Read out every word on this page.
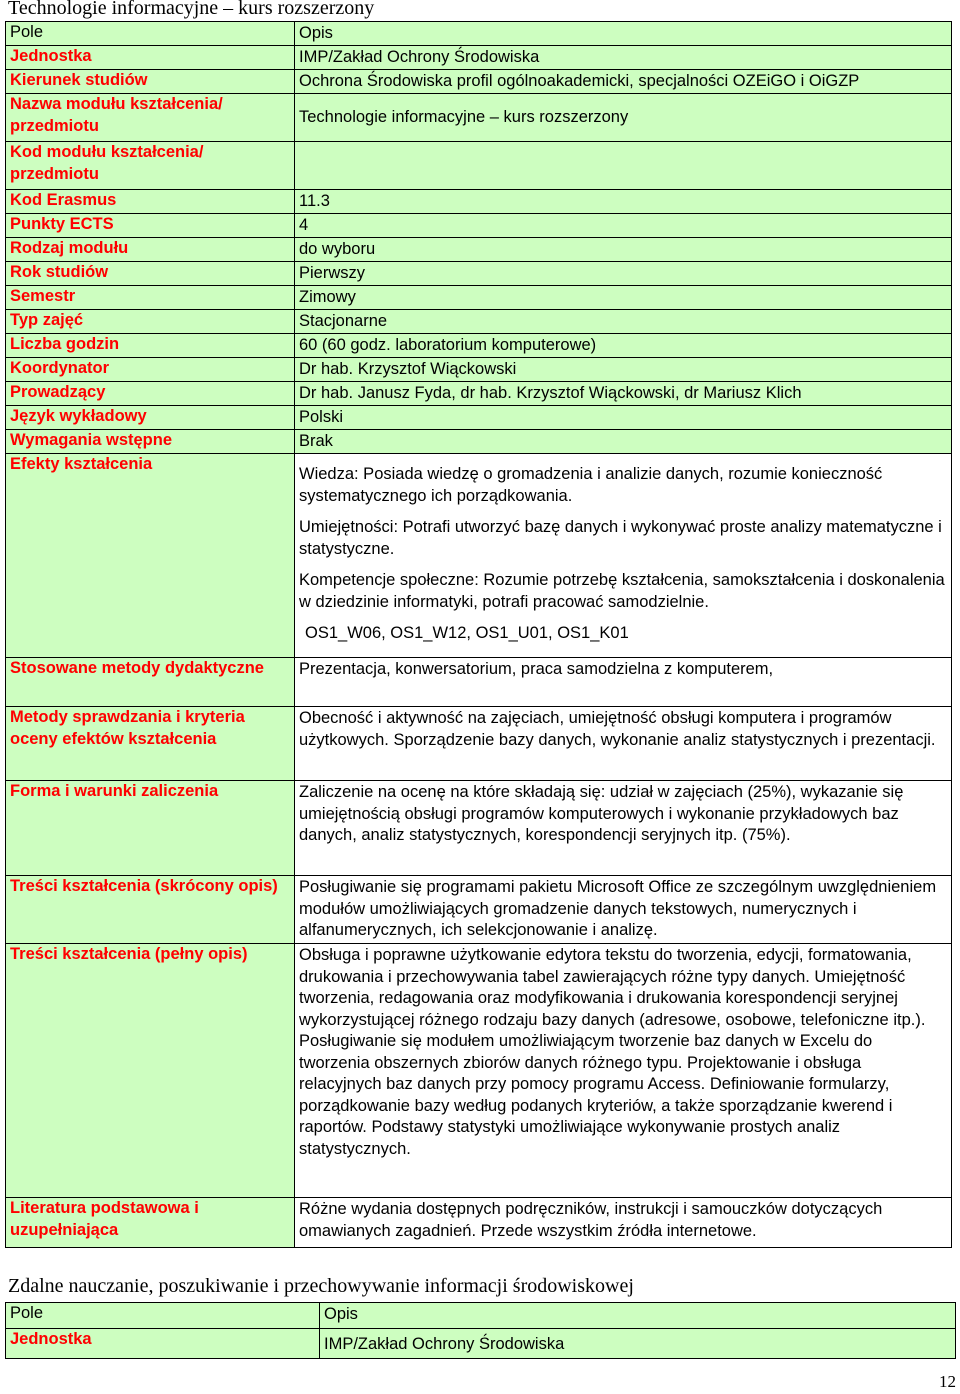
Technologie informacyjne – kurs rozszerzony
Pole	Opis
Jednostka	IMP/Zakład Ochrony Środowiska
Kierunek studiów	Ochrona Środowiska profil ogólnoakademicki, specjalności OZEiGO i OiGZP
Nazwa modułu kształcenia/ przedmiotu	Technologie informacyjne – kurs rozszerzony
Kod modułu kształcenia/ przedmiotu	
Kod Erasmus	11.3
Punkty ECTS	4
Rodzaj modułu	do wyboru
Rok studiów	Pierwszy
Semestr	Zimowy
Typ zajęć	Stacjonarne
Liczba godzin	60 (60 godz. laboratorium komputerowe)
Koordynator	Dr hab. Krzysztof Wiąckowski
Prowadzący	Dr hab. Janusz Fyda, dr hab. Krzysztof Wiąckowski, dr Mariusz Klich
Język wykładowy	Polski
Wymagania wstępne	Brak
Efekty kształcenia	Wiedza: Posiada wiedzę o gromadzenia i analizie danych, rozumie konieczność systematycznego ich porządkowania.
Umiejętności: Potrafi utworzyć bazę danych i wykonywać proste analizy matematyczne i statystyczne.
Kompetencje społeczne: Rozumie potrzebę kształcenia, samokształcenia i doskonalenia w dziedzinie informatyki, potrafi pracować samodzielnie.
OS1_W06, OS1_W12, OS1_U01, OS1_K01

Stosowane metody dydaktyczne	Prezentacja, konwersatorium, praca samodzielna z komputerem,
Metody sprawdzania i kryteria oceny efektów kształcenia	Obecność i aktywność na zajęciach, umiejętność obsługi komputera i programów użytkowych. Sporządzenie bazy danych, wykonanie analiz statystycznych i prezentacji.
Forma i warunki zaliczenia	Zaliczenie na ocenę na które składają się: udział w zajęciach (25%), wykazanie się umiejętnością obsługi programów komputerowych i wykonanie przykładowych baz danych, analiz statystycznych, korespondencji seryjnych itp. (75%).
Treści kształcenia (skrócony opis)	Posługiwanie się programami pakietu Microsoft Office ze szczególnym uwzględnieniem modułów umożliwiających gromadzenie danych tekstowych, numerycznych i alfanumerycznych, ich selekcjonowanie i analizę.
Treści kształcenia (pełny opis)	Obsługa i poprawne użytkowanie edytora tekstu do tworzenia, edycji, formatowania, drukowania i przechowywania tabel zawierających różne typy danych. Umiejętność tworzenia, redagowania oraz modyfikowania i drukowania korespondencji seryjnej wykorzystującej różnego rodzaju bazy danych (adresowe, osobowe, telefoniczne itp.). Posługiwanie się modułem umożliwiającym tworzenie baz danych w Excelu do tworzenia obszernych zbiorów danych różnego typu. Projektowanie i obsługa relacyjnych baz danych przy pomocy programu Access. Definiowanie formularzy, porządkowanie bazy według podanych kryteriów, a także sporządzanie kwerend i raportów. Podstawy statystyki umożliwiające wykonywanie prostych analiz statystycznych.
Literatura podstawowa i uzupełniająca	Różne wydania dostępnych podręczników, instrukcji i samouczków dotyczących omawianych zagadnień. Przede wszystkim źródła internetowe.
Zdalne nauczanie, poszukiwanie i przechowywanie informacji środowiskowej
Pole	Opis
Jednostka	IMP/Zakład Ochrony Środowiska
12
